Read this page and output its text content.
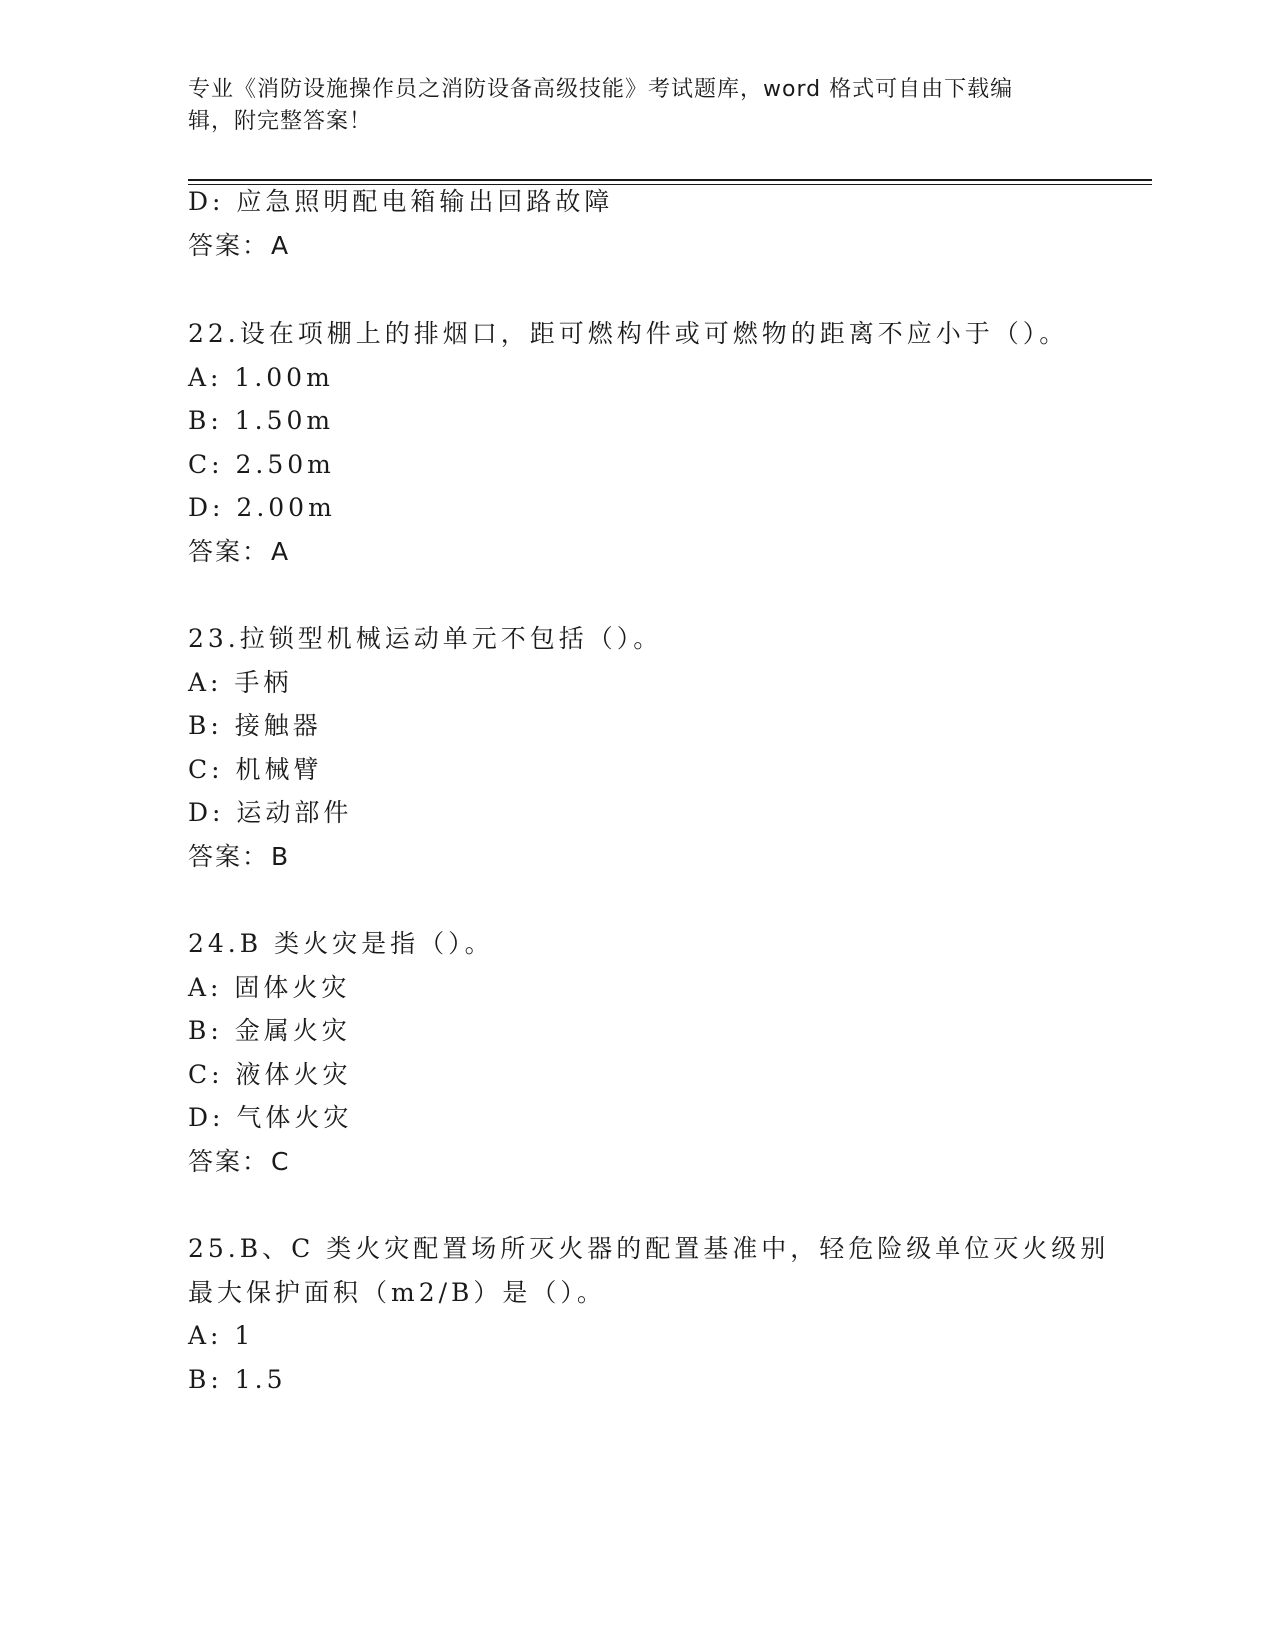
专业《消防设施操作员之消防设备高级技能》考试题库，word 格式可自由下载编
辑，附完整答案！
D: 应急照明配电箱输出回路故障
答案：A
22.设在项棚上的排烟口，距可燃构件或可燃物的距离不应小于（）。
A: 1.00m
B: 1.50m
C: 2.50m
D: 2.00m
答案：A
23.拉锁型机械运动单元不包括（）。
A: 手柄
B: 接触器
C: 机械臂
D: 运动部件
答案：B
24.B 类火灾是指（）。
A: 固体火灾
B: 金属火灾
C: 液体火灾
D: 气体火灾
答案：C
25.B、C 类火灾配置场所灭火器的配置基准中，轻危险级单位灭火级别
最大保护面积（m2/B）是（）。
A: 1
B: 1.5
